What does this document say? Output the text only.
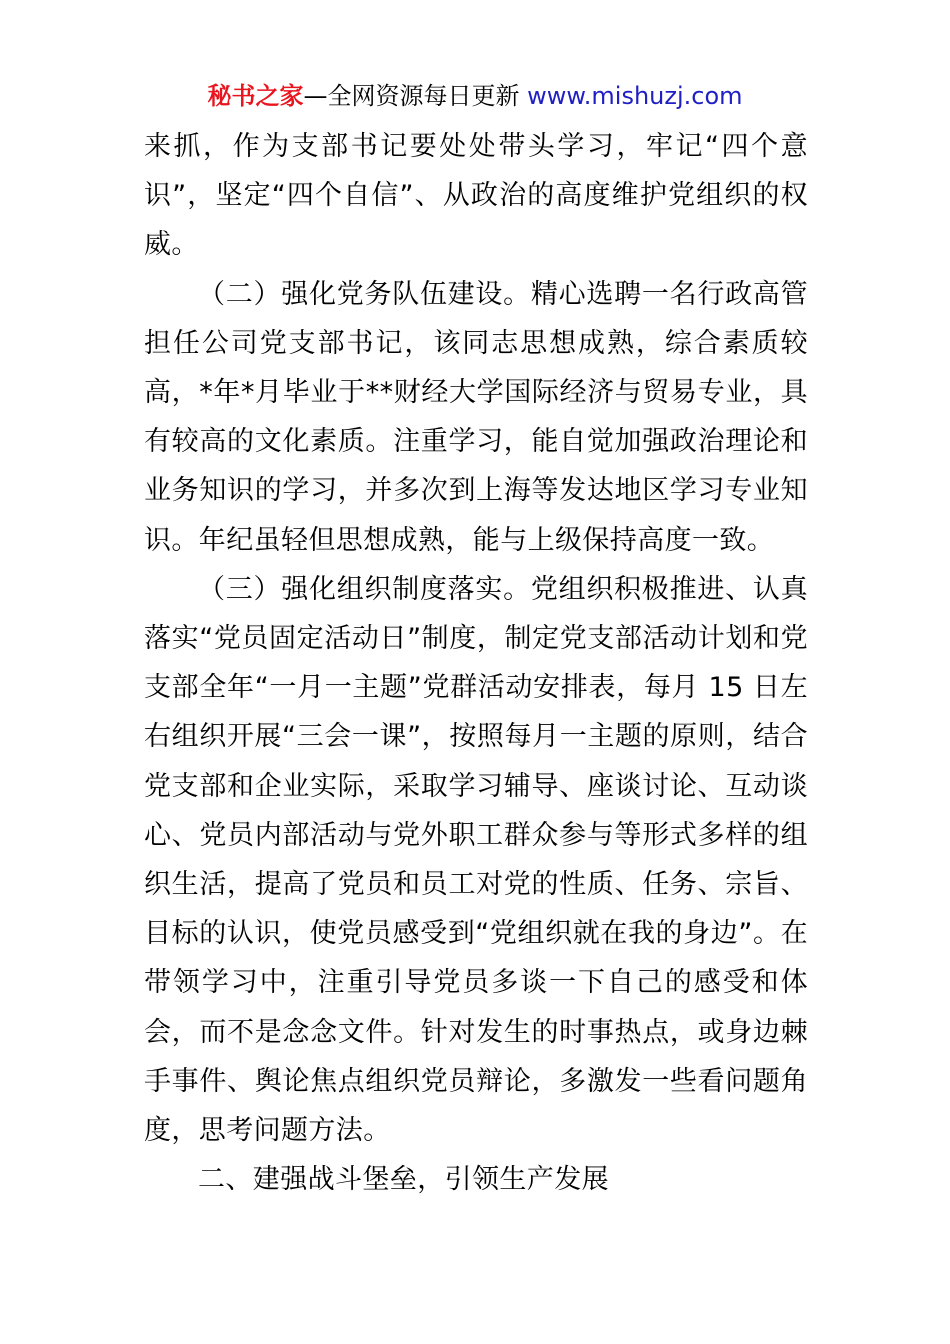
秘书之家—全网资源每日更新 www.mishuzj.com

来抓，作为支部书记要处处带头学习，牢记“四个意识”，坚定“四个自信”、从政治的高度维护党组织的权威。

（二）强化党务队伍建设。精心选聘一名行政高管担任公司党支部书记，该同志思想成熟，综合素质较高，*年*月毕业于**财经大学国际经济与贸易专业，具有较高的文化素质。注重学习，能自觉加强政治理论和业务知识的学习，并多次到上海等发达地区学习专业知识。年纪虽轻但思想成熟，能与上级保持高度一致。

（三）强化组织制度落实。党组织积极推进、认真落实“党员固定活动日”制度，制定党支部活动计划和党支部全年“一月一主题”党群活动安排表，每月 15 日左右组织开展“三会一课”，按照每月一主题的原则，结合党支部和企业实际，采取学习辅导、座谈讨论、互动谈心、党员内部活动与党外职工群众参与等形式多样的组织生活，提高了党员和员工对党的性质、任务、宗旨、目标的认识，使党员感受到“党组织就在我的身边”。在带领学习中，注重引导党员多谈一下自己的感受和体会，而不是念念文件。针对发生的时事热点，或身边棘手事件、舆论焦点组织党员辩论，多激发一些看问题角度，思考问题方法。

二、建强战斗堡垒，引领生产发展
